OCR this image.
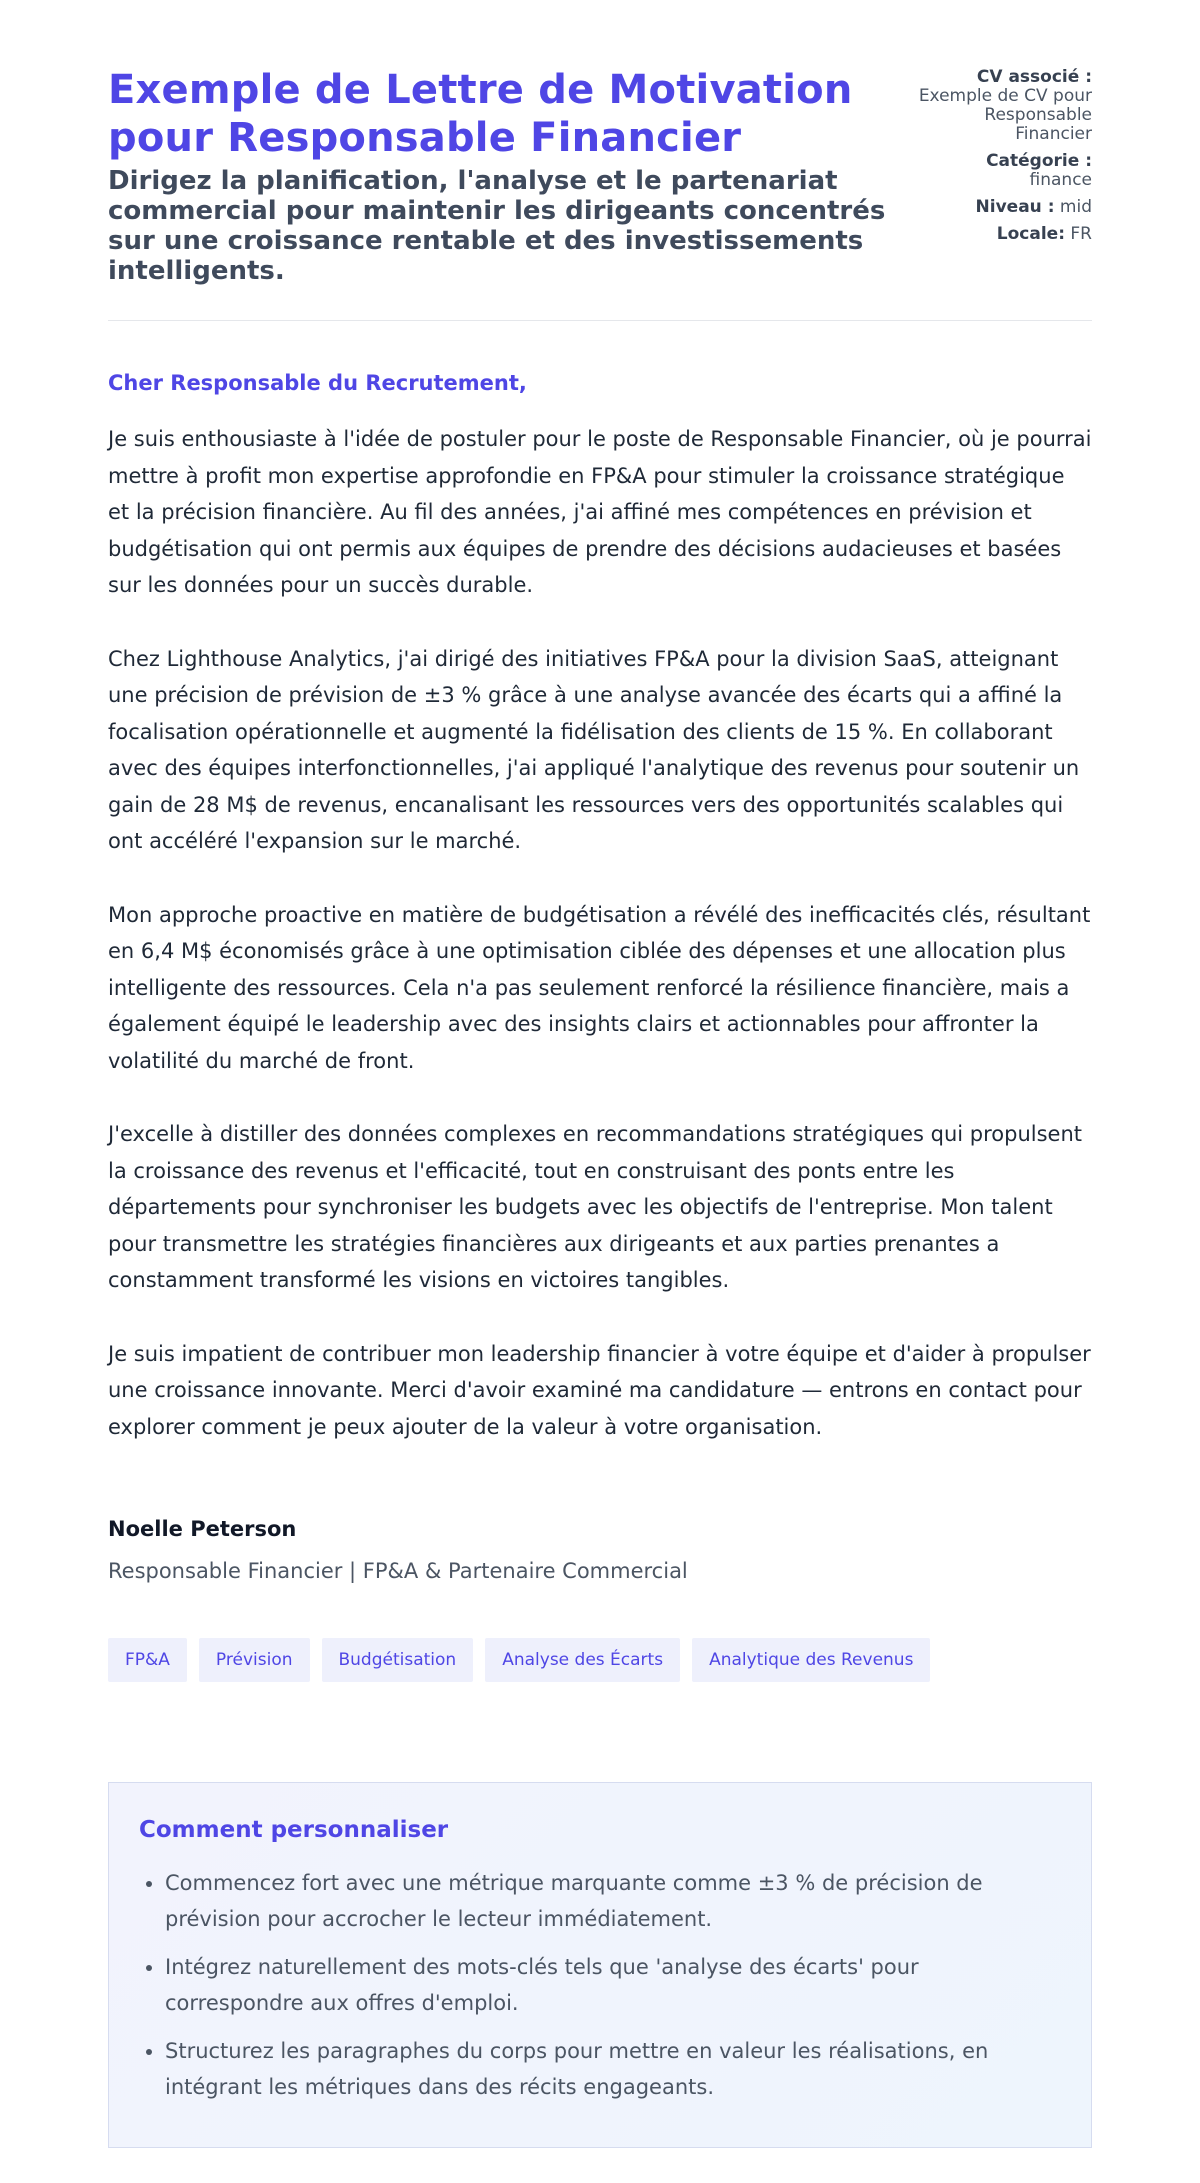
Exemple de Lettre de Motivation pour Responsable Financier
Dirigez la planification, l'analyse et le partenariat commercial pour maintenir les dirigeants concentrés sur une croissance rentable et des investissements intelligents.
CV associé :
Exemple de CV pour Responsable Financier
Catégorie :
finance
Niveau : mid
Locale: FR
Cher Responsable du Recrutement,

Je suis enthousiaste à l'idée de postuler pour le poste de Responsable Financier, où je pourrai mettre à profit mon expertise approfondie en FP&A pour stimuler la croissance stratégique et la précision financière. Au fil des années, j'ai affiné mes compétences en prévision et budgétisation qui ont permis aux équipes de prendre des décisions audacieuses et basées sur les données pour un succès durable.

Chez Lighthouse Analytics, j'ai dirigé des initiatives FP&A pour la division SaaS, atteignant une précision de prévision de ±3 % grâce à une analyse avancée des écarts qui a affiné la focalisation opérationnelle et augmenté la fidélisation des clients de 15 %. En collaborant avec des équipes interfonctionnelles, j'ai appliqué l'analytique des revenus pour soutenir un gain de 28 M$ de revenus, encanalisant les ressources vers des opportunités scalables qui ont accéléré l'expansion sur le marché.

Mon approche proactive en matière de budgétisation a révélé des inefficacités clés, résultant en 6,4 M$ économisés grâce à une optimisation ciblée des dépenses et une allocation plus intelligente des ressources. Cela n'a pas seulement renforcé la résilience financière, mais a également équipé le leadership avec des insights clairs et actionnables pour affronter la volatilité du marché de front.

J'excelle à distiller des données complexes en recommandations stratégiques qui propulsent la croissance des revenus et l'efficacité, tout en construisant des ponts entre les départements pour synchroniser les budgets avec les objectifs de l'entreprise. Mon talent pour transmettre les stratégies financières aux dirigeants et aux parties prenantes a constamment transformé les visions en victoires tangibles.

Je suis impatient de contribuer mon leadership financier à votre équipe et d'aider à propulser une croissance innovante. Merci d'avoir examiné ma candidature — entrons en contact pour explorer comment je peux ajouter de la valeur à votre organisation.

Noelle Peterson
Responsable Financier | FP&A & Partenaire Commercial
FP&A	Prévision	Budgétisation	Analyse des Écarts	Analytique des Revenus
Comment personnaliser
• Commencez fort avec une métrique marquante comme ±3 % de précision de prévision pour accrocher le lecteur immédiatement.
• Intégrez naturellement des mots-clés tels que 'analyse des écarts' pour correspondre aux offres d'emploi.
• Structurez les paragraphes du corps pour mettre en valeur les réalisations, en intégrant les métriques dans des récits engageants.
